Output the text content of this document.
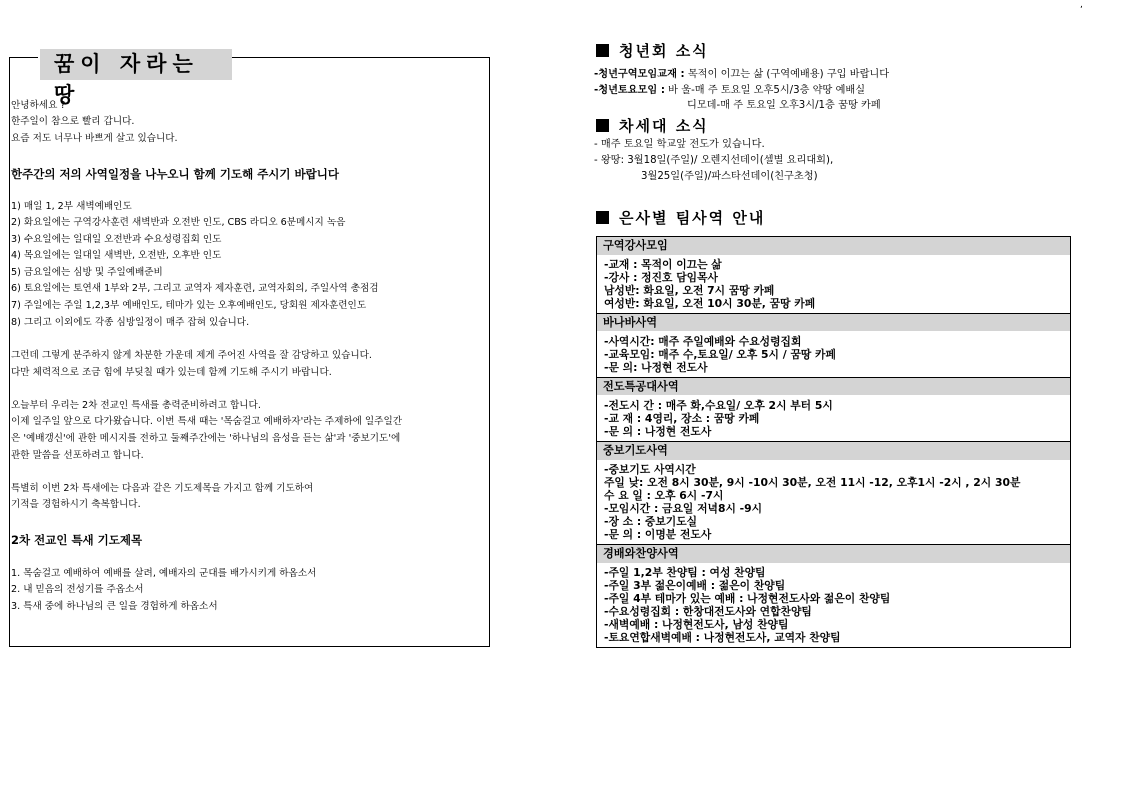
,
꿈이 자라는 땅
안녕하세요 ?
한주일이 참으로 빨리 갑니다.
요즘 저도 너무나 바쁘게 살고 있습니다.
한주간의 저의 사역일정을 나누오니 함께 기도해 주시기 바랍니다
1) 매일 1, 2부 새벽예배인도
2) 화요일에는 구역강사훈련 새벽반과 오전반 인도, CBS 라디오 6분메시지 녹음
3) 수요일에는 일대일 오전반과 수요성령집회 인도
4) 목요일에는 일대일 새벽반, 오전반, 오후반 인도
5) 금요일에는 심방 및 주일예배준비
6) 토요일에는 토연새 1부와 2부, 그리고 교역자 제자훈련, 교역자회의, 주일사역 총점검
7) 주일에는 주일 1,2,3부 예배인도, 테마가 있는 오후예배인도, 당회원 제자훈련인도
8) 그리고 이외에도 각종 심방일정이 매주 잡혀 있습니다.
그런데 그렇게 분주하지 않게 차분한 가운데 제게 주어진 사역을 잘 감당하고 있습니다.
다만 체력적으로 조금 힘에 부딪칠 때가 있는데 함께 기도해 주시기 바랍니다.
오늘부터 우리는 2차 전교인 특새를 총력준비하려고 합니다.
이제 일주일 앞으로 다가왔습니다. 이번 특새 때는 '목숨걸고 예배하자'라는 주제하에 일주일간
은 '예배갱신'에 관한 메시지를 전하고 둘째주간에는 '하나님의 음성을 듣는 삶'과 '중보기도'에
관한 말씀을 선포하려고 합니다.
특별히 이번 2차 특새에는 다음과 같은 기도제목을 가지고 함께 기도하여
기적을 경험하시기 축복합니다.
2차 전교인 특새 기도제목
1. 목숨걸고 예배하여 예배를 살려, 예배자의 군대를 배가시키게 하옵소서
2. 내 믿음의 전성기를 주옵소서
3. 특새 중에 하나님의 큰 일을 경험하게 하옵소서
청년회 소식
-청년구역모임교재 : 목적이 이끄는 삶 (구역예배용) 구입 바랍니다
-청년토요모임 : 바 울-매 주 토요일 오후5시/3층 약땅 예배실
디모데-매 주 토요일 오후3시/1층 꿈땅 카페
차세대 소식
- 매주 토요일 학교앞 전도가 있습니다.
- 왕땅: 3월18일(주일)/ 오렌지선데이(셀별 요리대회),
3월25일(주일)/파스타선데이(친구초청)
은사별 팀사역 안내
구역강사모임
-교재 : 목적이 이끄는 삶
-강사 : 정진호 담임목사
남성반: 화요일, 오전 7시 꿈땅 카페
여성반: 화요일, 오전 10시 30분, 꿈땅 카페
바나바사역
-사역시간: 매주 주일예배와 수요성령집회
-교육모임: 매주 수,토요일/ 오후 5시 / 꿈땅 카페
-문 의: 나정현 전도사
전도특공대사역
-전도시 간 : 매주 화,수요일/ 오후 2시 부터 5시
-교 재 : 4영리, 장소 : 꿈땅 카페
-문 의 : 나정현 전도사
중보기도사역
-중보기도 사역시간
주일 낮: 오전 8시 30분, 9시 -10시 30분, 오전 11시 -12, 오후1시 -2시 , 2시 30분
수 요 일 : 오후 6시 -7시
-모임시간 : 금요일 저녁8시 -9시
-장 소 : 중보기도실
-문 의 : 이명분 전도사
경배와찬양사역
-주일 1,2부 찬양팀 : 여성 찬양팀
-주일 3부 젊은이예배 : 젊은이 찬양팀
-주일 4부 테마가 있는 예배 : 나정현전도사와 젊은이 찬양팀
-수요성령집회 : 한창대전도사와 연합찬양팀
-새벽예배 : 나정현전도사, 남성 찬양팀
-토요연합새벽예배 : 나정현전도사, 교역자 찬양팀
